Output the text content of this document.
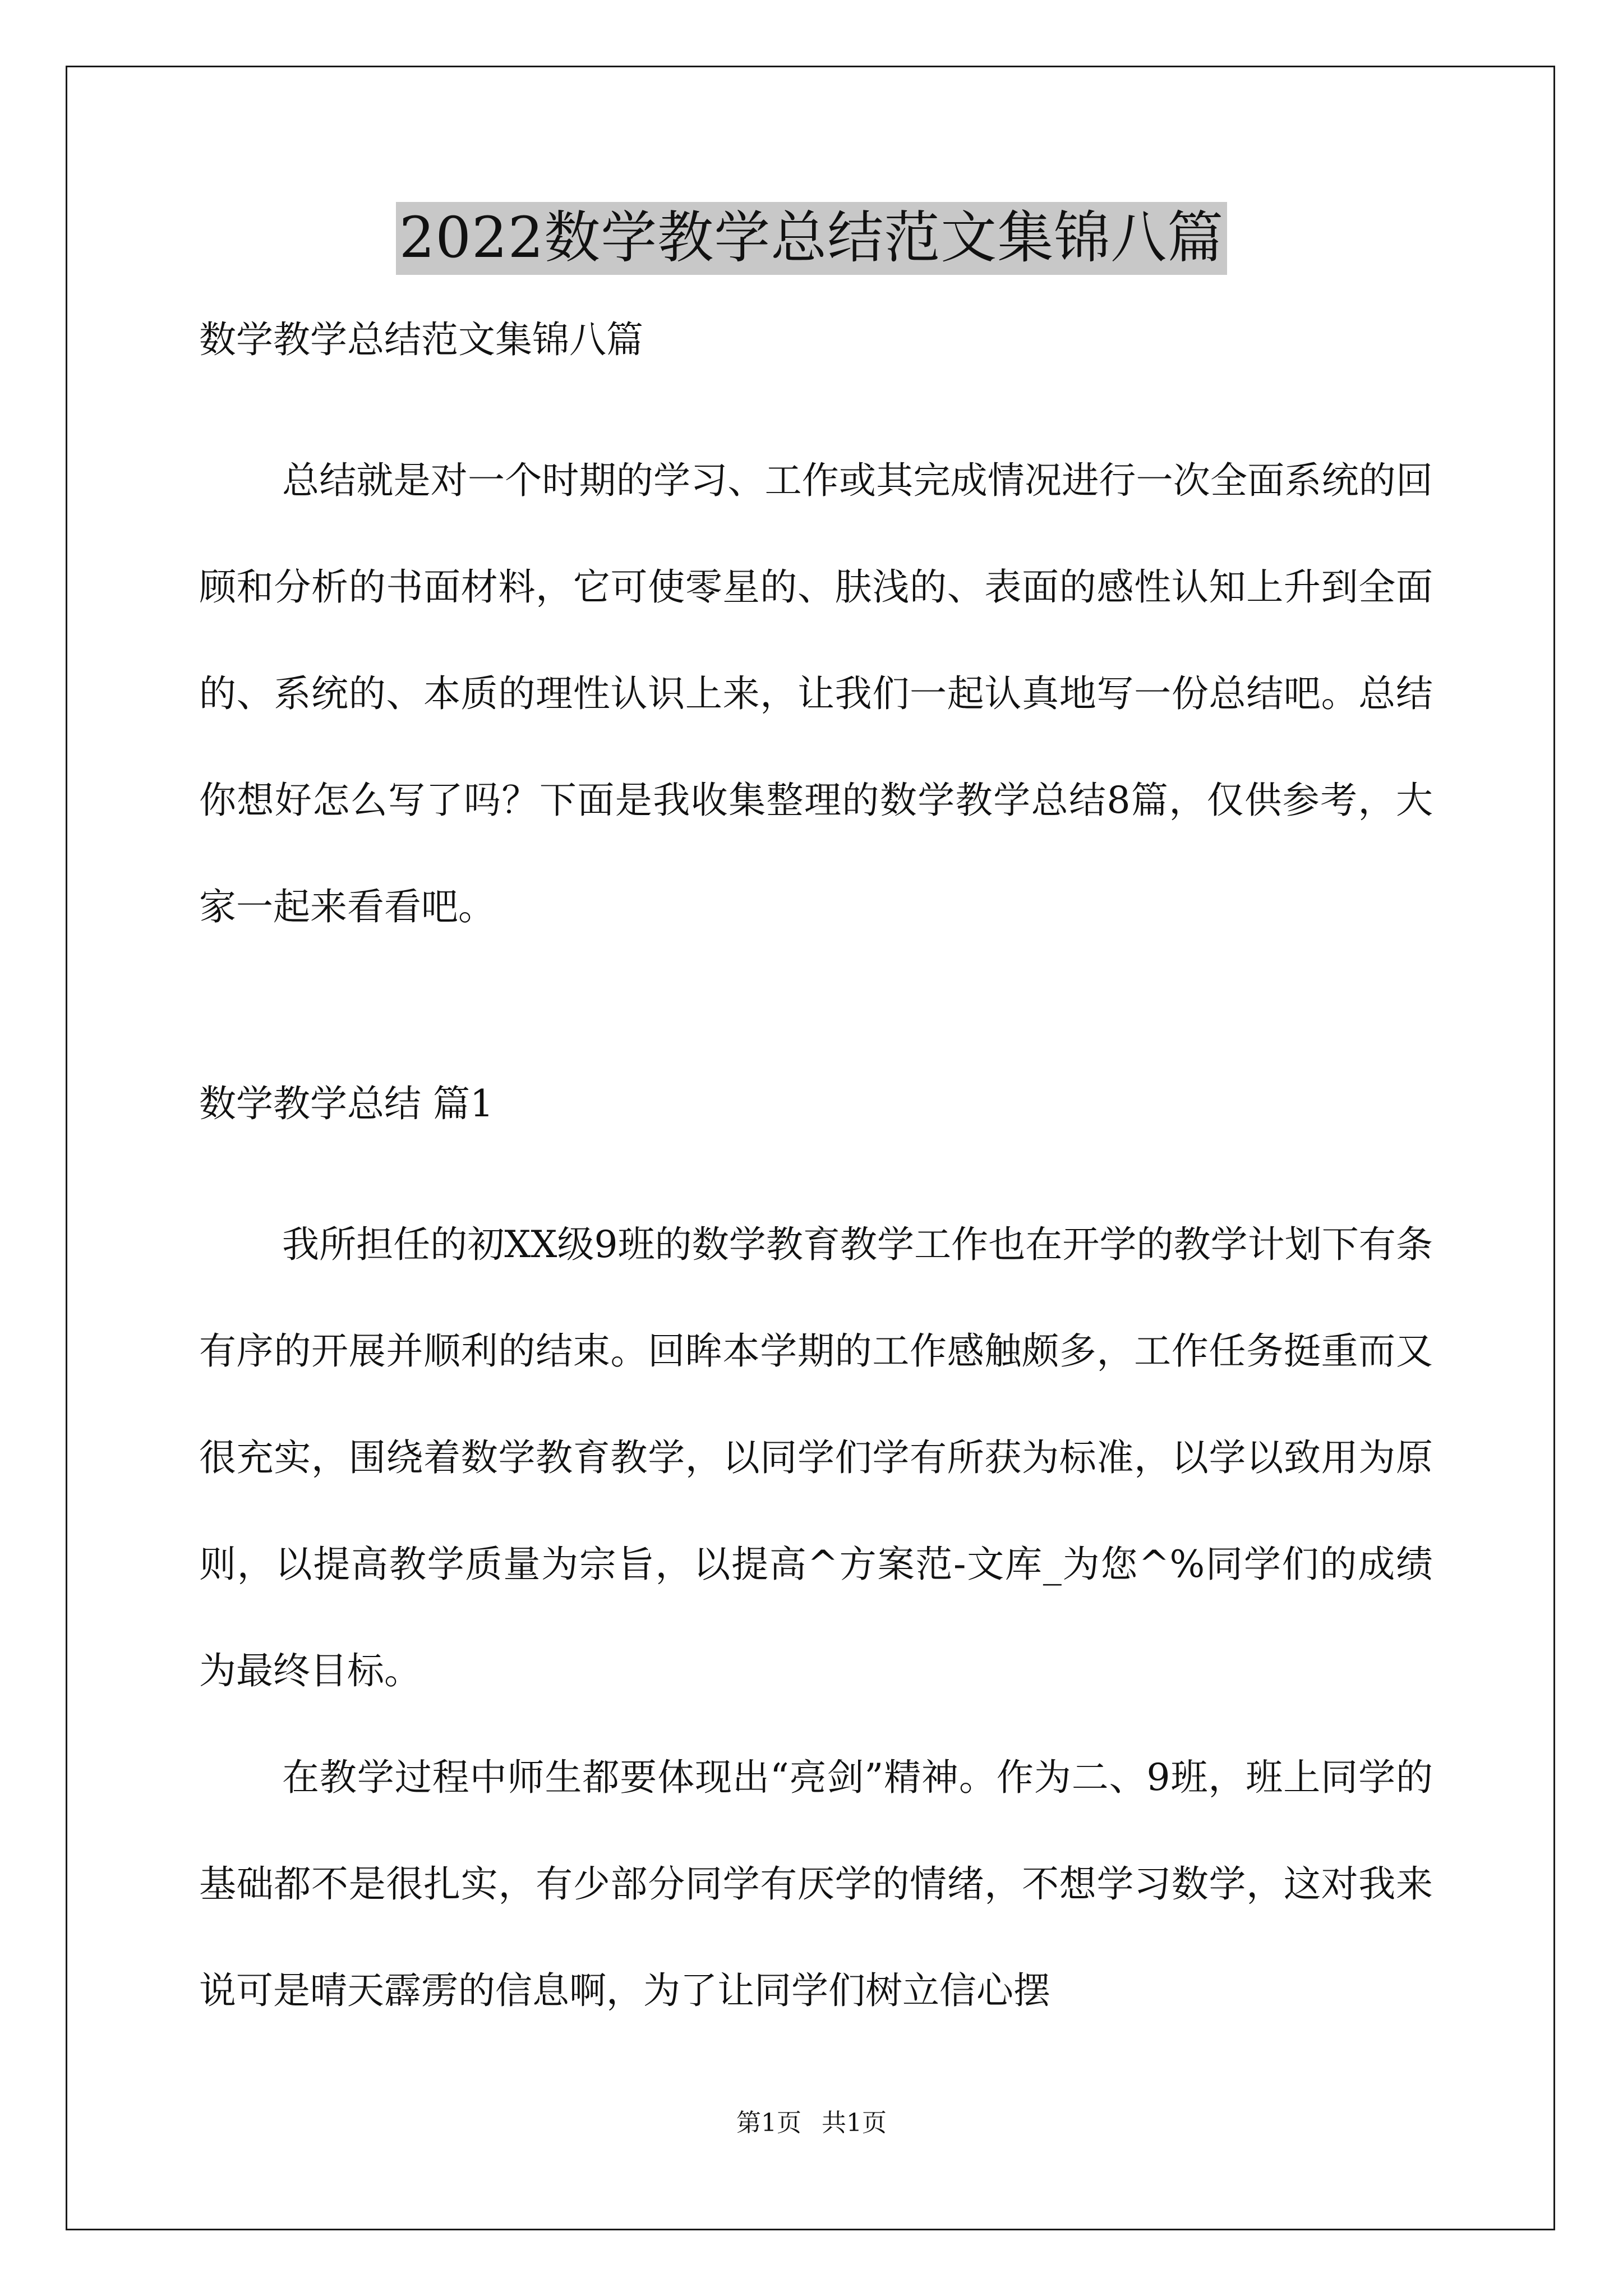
2022数学教学总结范文集锦八篇

数学教学总结范文集锦八篇

总结就是对一个时期的学习、工作或其完成情况进行一次全面系统的回顾和分析的书面材料，它可使零星的、肤浅的、表面的感性认知上升到全面的、系统的、本质的理性认识上来，让我们一起认真地写一份总结吧。总结你想好怎么写了吗？下面是我收集整理的数学教学总结8篇，仅供参考，大家一起来看看吧。

数学教学总结 篇1

我所担任的初XX级9班的数学教育教学工作也在开学的教学计划下有条有序的开展并顺利的结束。回眸本学期的工作感触颇多，工作任务挺重而又很充实，围绕着数学教育教学，以同学们学有所获为标准，以学以致用为原则，以提高教学质量为宗旨，以提高^方案范-文库_为您^%同学们的成绩为最终目标。

在教学过程中师生都要体现出“亮剑”精神。作为二、9班，班上同学的基础都不是很扎实，有少部分同学有厌学的情绪，不想学习数学，这对我来说可是晴天霹雳的信息啊，为了让同学们树立信心摆

第1页 共1页
